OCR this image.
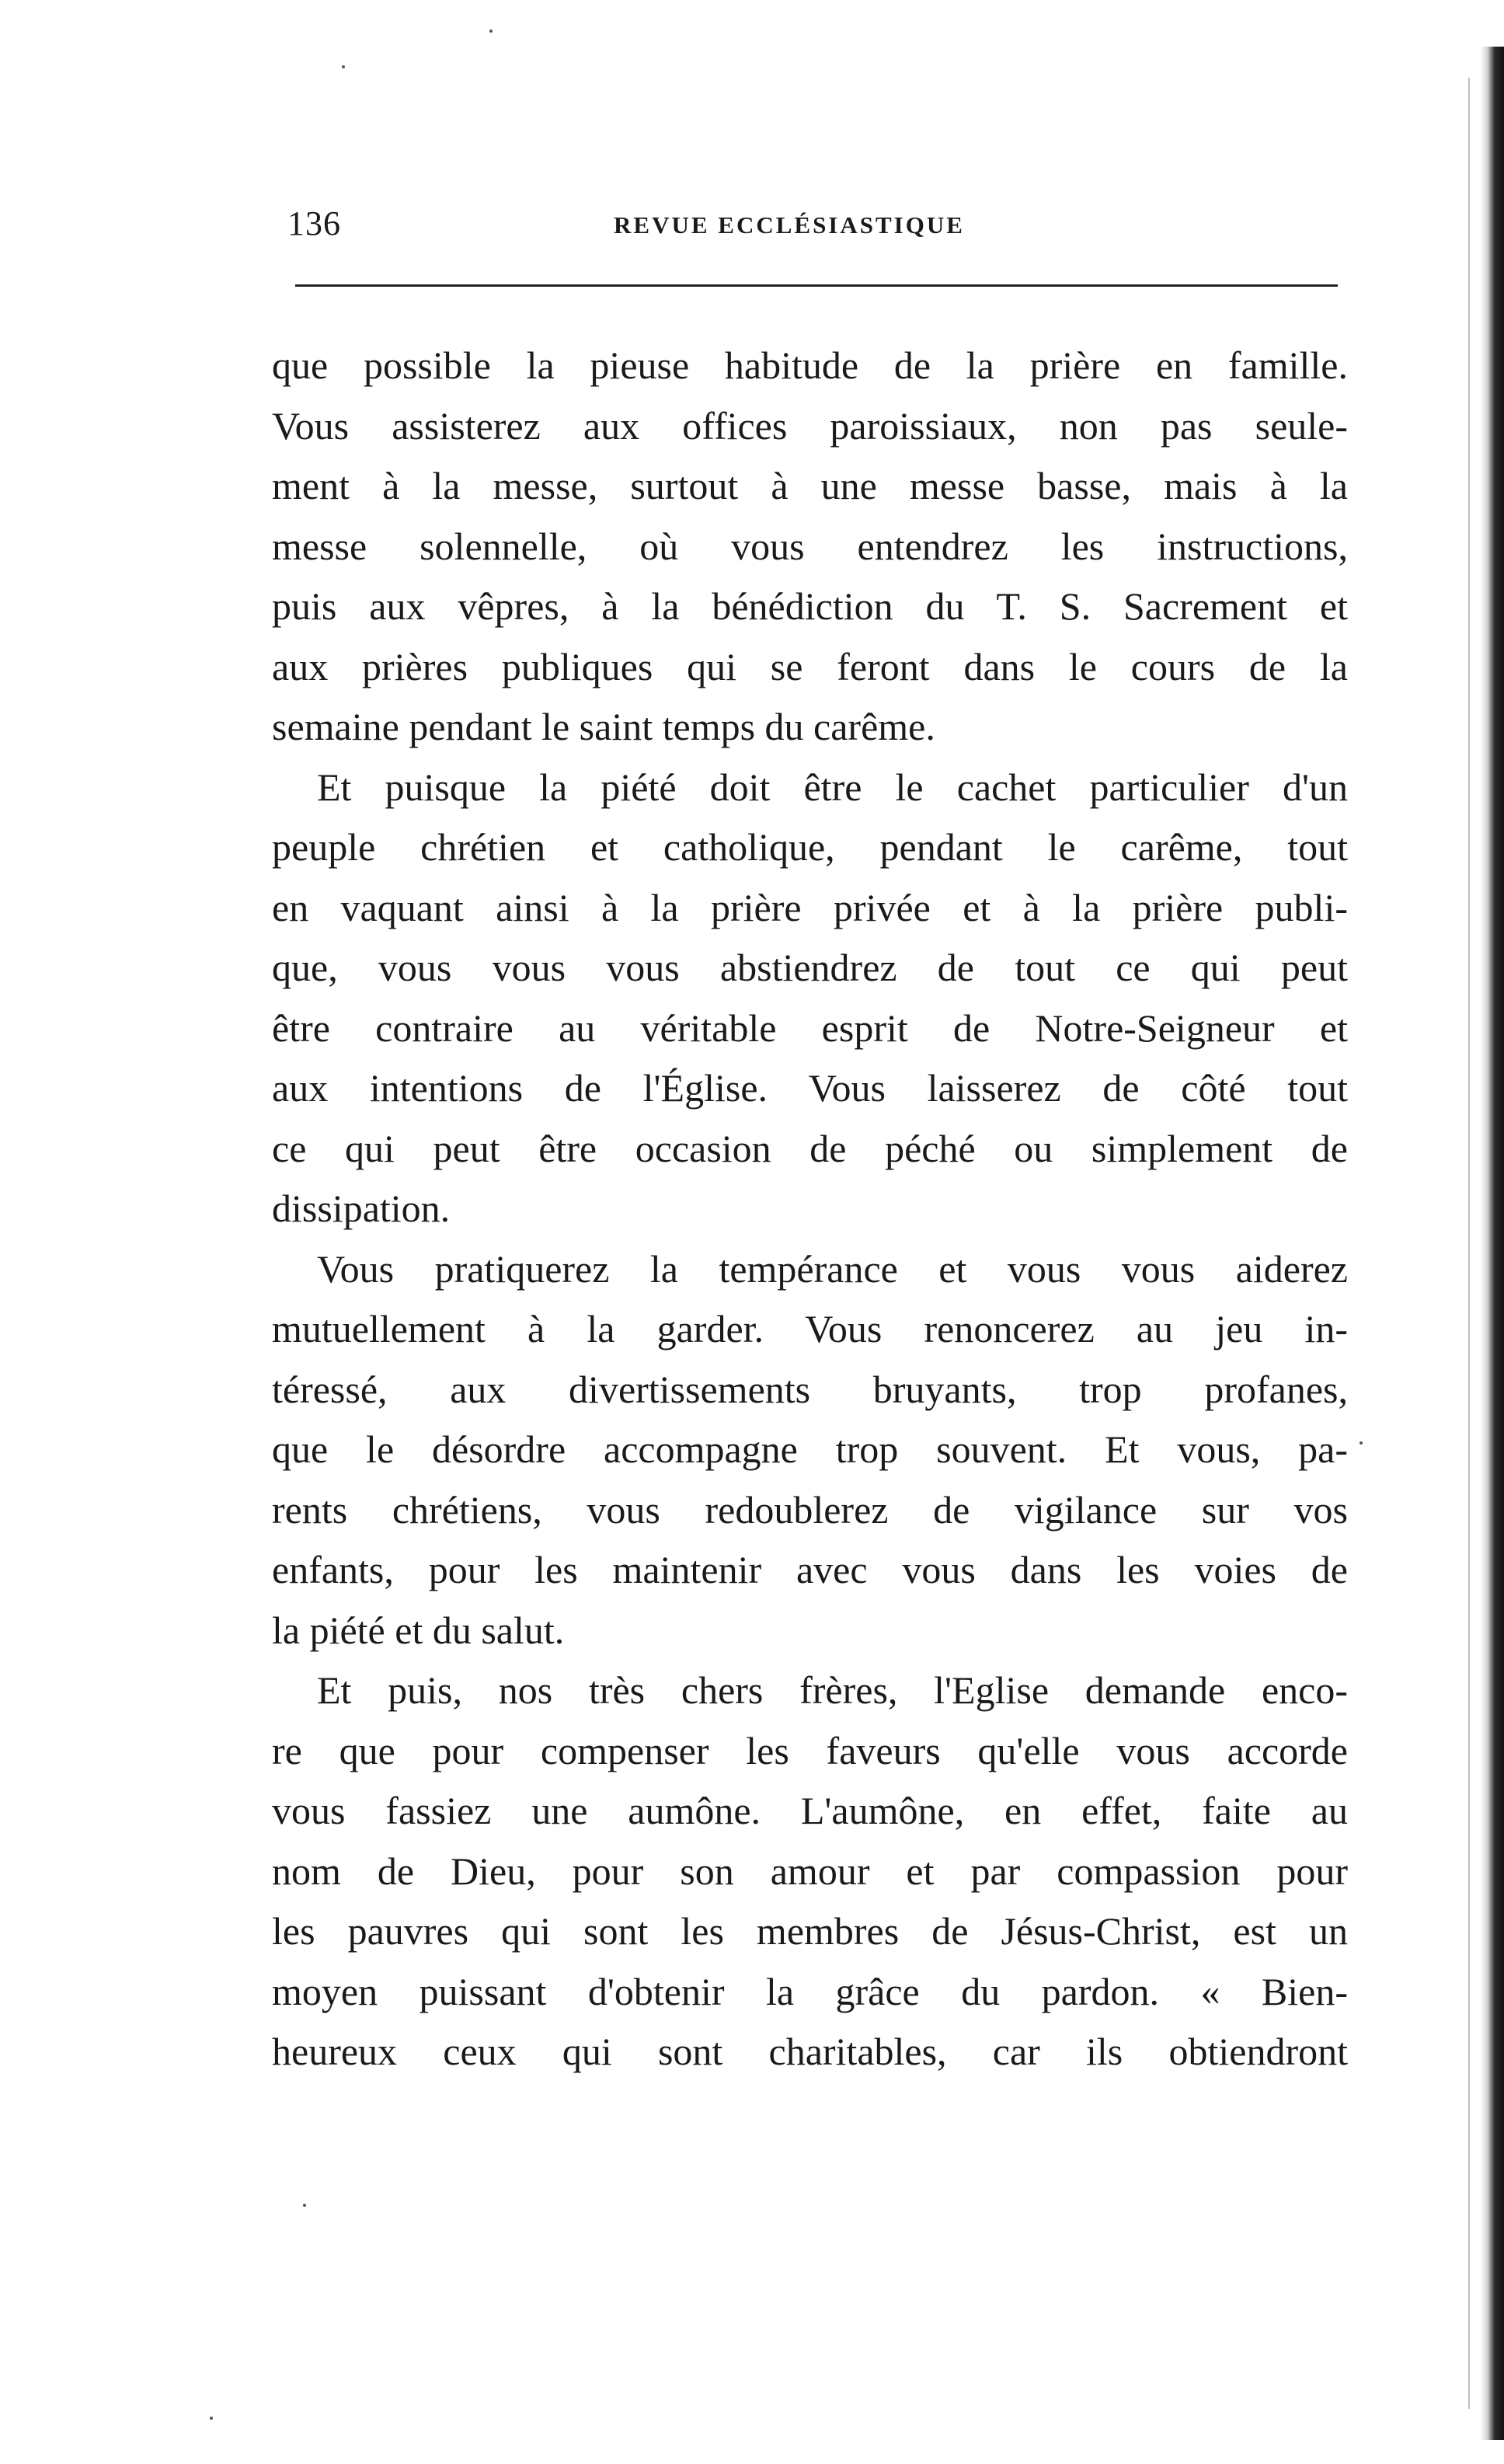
136	REVUE ECCLÉSIASTIQUE
que possible la pieuse habitude de la prière en famille.
Vous assisterez aux offices paroissiaux, non pas seule-
ment à la messe, surtout à une messe basse, mais à la
messe solennelle, où vous entendrez les instructions,
puis aux vêpres, à la bénédiction du T. S. Sacrement et
aux prières publiques qui se feront dans le cours de la
semaine pendant le saint temps du carême.
Et puisque la piété doit être le cachet particulier d'un
peuple chrétien et catholique, pendant le carême, tout
en vaquant ainsi à la prière privée et à la prière publi-
que, vous vous vous abstiendrez de tout ce qui peut
être contraire au véritable esprit de Notre-Seigneur et
aux intentions de l'Église. Vous laisserez de côté tout
ce qui peut être occasion de péché ou simplement de
dissipation.
Vous pratiquerez la tempérance et vous vous aiderez
mutuellement à la garder. Vous renoncerez au jeu in-
téressé, aux divertissements bruyants, trop profanes,
que le désordre accompagne trop souvent. Et vous, pa-
rents chrétiens, vous redoublerez de vigilance sur vos
enfants, pour les maintenir avec vous dans les voies de
la piété et du salut.
Et puis, nos très chers frères, l'Eglise demande enco-
re que pour compenser les faveurs qu'elle vous accorde
vous fassiez une aumône. L'aumône, en effet, faite au
nom de Dieu, pour son amour et par compassion pour
les pauvres qui sont les membres de Jésus-Christ, est un
moyen puissant d'obtenir la grâce du pardon. « Bien-
heureux ceux qui sont charitables, car ils obtiendront
